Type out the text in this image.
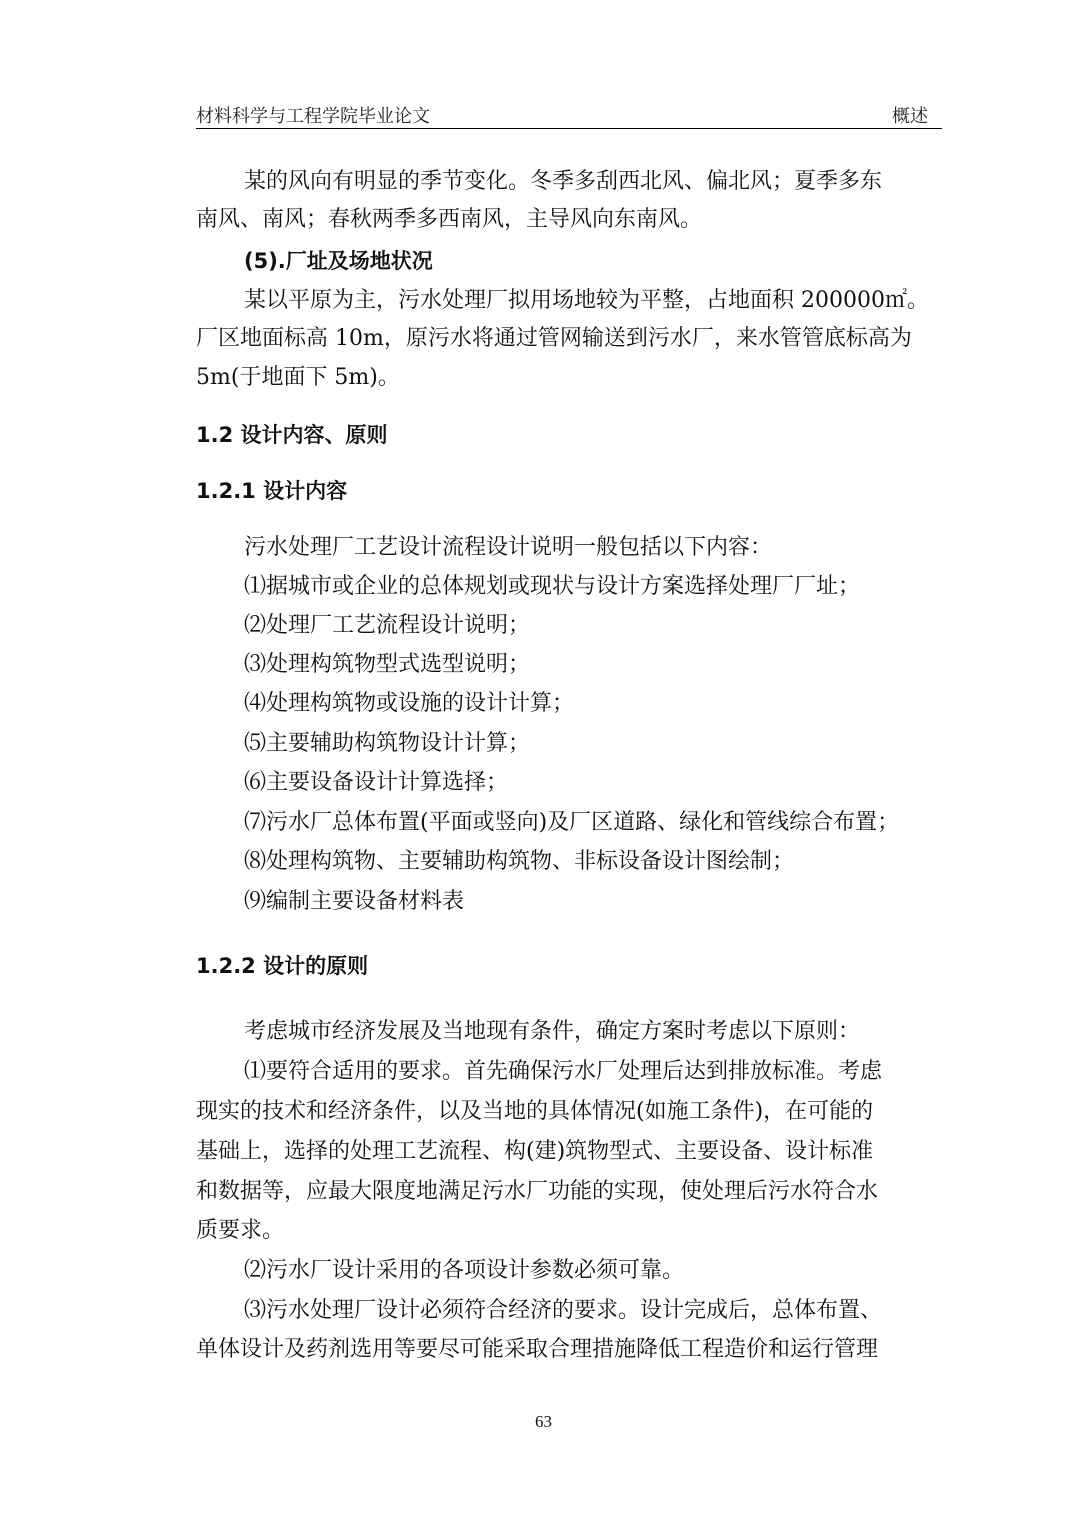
材料科学与工程学院毕业论文	概述
某的风向有明显的季节变化。冬季多刮西北风、偏北风；夏季多东
南风、南风；春秋两季多西南风，主导风向东南风。
(5).厂址及场地状况
某以平原为主，污水处理厂拟用场地较为平整，占地面积 200000㎡。
厂区地面标高 10m，原污水将通过管网输送到污水厂，来水管管底标高为
5m(于地面下 5m)。
1.2 设计内容、原则
1.2.1 设计内容
污水处理厂工艺设计流程设计说明一般包括以下内容：
⑴据城市或企业的总体规划或现状与设计方案选择处理厂厂址；
⑵处理厂工艺流程设计说明；
⑶处理构筑物型式选型说明；
⑷处理构筑物或设施的设计计算；
⑸主要辅助构筑物设计计算；
⑹主要设备设计计算选择；
⑺污水厂总体布置(平面或竖向)及厂区道路、绿化和管线综合布置；
⑻处理构筑物、主要辅助构筑物、非标设备设计图绘制；
⑼编制主要设备材料表
1.2.2 设计的原则
考虑城市经济发展及当地现有条件，确定方案时考虑以下原则：
⑴要符合适用的要求。首先确保污水厂处理后达到排放标准。考虑
现实的技术和经济条件，以及当地的具体情况(如施工条件)，在可能的
基础上，选择的处理工艺流程、构(建)筑物型式、主要设备、设计标准
和数据等，应最大限度地满足污水厂功能的实现，使处理后污水符合水
质要求。
⑵污水厂设计采用的各项设计参数必须可靠。
⑶污水处理厂设计必须符合经济的要求。设计完成后，总体布置、
单体设计及药剂选用等要尽可能采取合理措施降低工程造价和运行管理
63
